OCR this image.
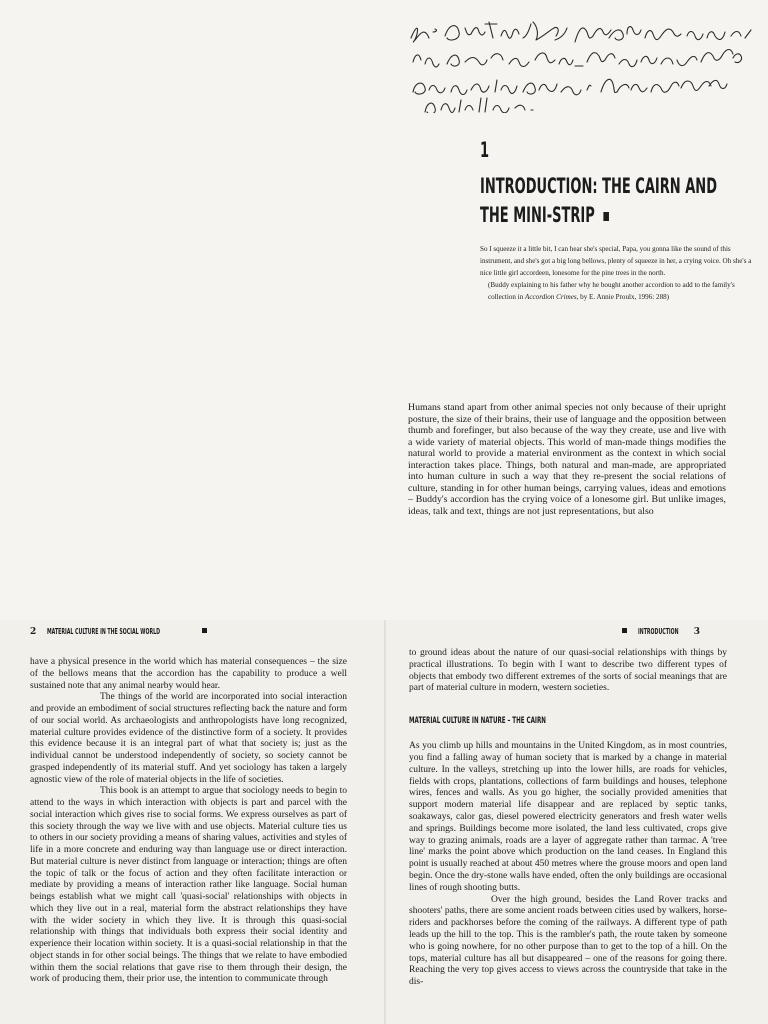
1
INTRODUCTION: THE CAIRN AND
THE MINI-STRIP

So I squeeze it a little bit, I can hear she's special, Papa, you gonna like the sound of this instrument, and she's got a big long bellows, plenty of squeeze in her, a crying voice. Oh she's a nice little girl accordeen, lonesome for the pine trees in the north.

(Buddy explaining to his father why he bought another accordion to add to the family's collection in Accordion Crimes, by E. Annie Proulx, 1996: 288)

Humans stand apart from other animal species not only because of their upright posture, the size of their brains, their use of language and the opposition between thumb and forefinger, but also because of the way they create, use and live with a wide variety of material objects. This world of man-made things modifies the natural world to provide a material environment as the context in which social interaction takes place. Things, both natural and man-made, are appropriated into human culture in such a way that they re-present the social relations of culture, standing in for other human beings, carrying values, ideas and emotions – Buddy's accordion has the crying voice of a lonesome girl. But unlike images, ideas, talk and text, things are not just representations, but also

2 MATERIAL CULTURE IN THE SOCIAL WORLD	INTRODUCTION 3

have a physical presence in the world which has material consequences – the size of the bellows means that the accordion has the capability to produce a well sustained note that any animal nearby would hear.

The things of the world are incorporated into social interaction and provide an embodiment of social structures reflecting back the nature and form of our social world. As archaeologists and anthropologists have long recognized, material culture provides evidence of the distinctive form of a society. It provides this evidence because it is an integral part of what that society is; just as the individual cannot be understood independently of society, so society cannot be grasped independently of its material stuff. And yet sociology has taken a largely agnostic view of the role of material objects in the life of societies.

This book is an attempt to argue that sociology needs to begin to attend to the ways in which interaction with objects is part and parcel with the social interaction which gives rise to social forms. We express ourselves as part of this society through the way we live with and use objects. Material culture ties us to others in our society providing a means of sharing values, activities and styles of life in a more concrete and enduring way than language use or direct interaction. But material culture is never distinct from language or interaction; things are often the topic of talk or the focus of action and they often facilitate interaction or mediate by providing a means of interaction rather like language. Social human beings establish what we might call 'quasi-social' relationships with objects in which they live out in a real, material form the abstract relationships they have with the wider society in which they live. It is through this quasi-social relationship with things that individuals both express their social identity and experience their location within society. It is a quasi-social relationship in that the object stands in for other social beings. The things that we relate to have embodied within them the social relations that gave rise to them through their design, the work of producing them, their prior use, the intention to communicate through

to ground ideas about the nature of our quasi-social relationships with things by practical illustrations. To begin with I want to describe two different types of objects that embody two different extremes of the sorts of social meanings that are part of material culture in modern, western societies.

MATERIAL CULTURE IN NATURE – THE CAIRN

As you climb up hills and mountains in the United Kingdom, as in most countries, you find a falling away of human society that is marked by a change in material culture. In the valleys, stretching up into the lower hills, are roads for vehicles, fields with crops, plantations, collections of farm buildings and houses, telephone wires, fences and walls. As you go higher, the socially provided amenities that support modern material life disappear and are replaced by septic tanks, soakaways, calor gas, diesel powered electricity generators and fresh water wells and springs. Buildings become more isolated, the land less cultivated, crops give way to grazing animals, roads are a layer of aggregate rather than tarmac. A 'tree line' marks the point above which production on the land ceases. In England this point is usually reached at about 450 metres where the grouse moors and open land begin. Once the dry-stone walls have ended, often the only buildings are occasional lines of rough shooting butts.

Over the high ground, besides the Land Rover tracks and shooters' paths, there are some ancient roads between cities used by walkers, horse-riders and packhorses before the coming of the railways. A different type of path leads up the hill to the top. This is the rambler's path, the route taken by someone who is going nowhere, for no other purpose than to get to the top of a hill. On the tops, material culture has all but disappeared – one of the reasons for going there. Reaching the very top gives access to views across the countryside that take in the dis-
